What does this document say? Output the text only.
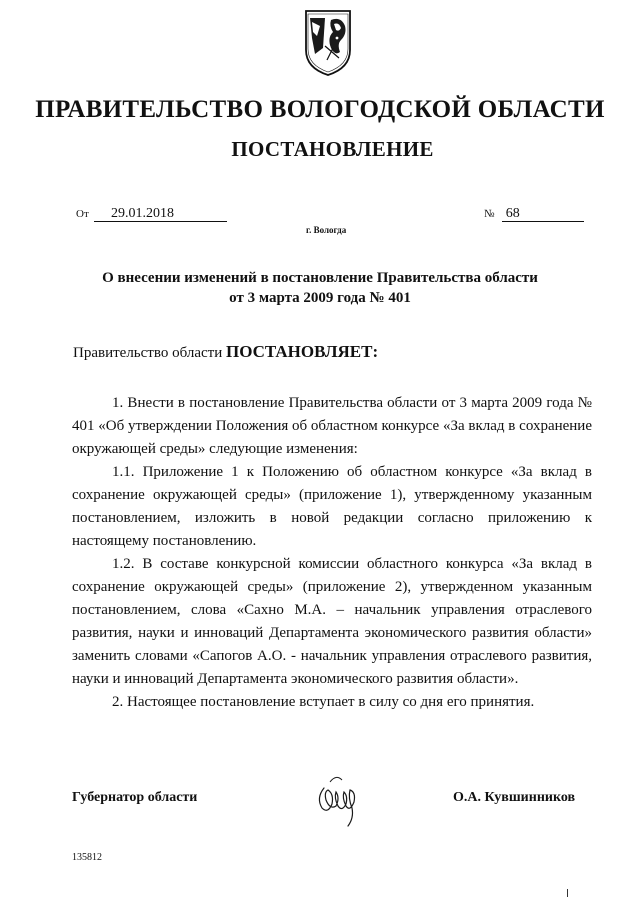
ПРАВИТЕЛЬСТВО ВОЛОГОДСКОЙ ОБЛАСТИ
ПОСТАНОВЛЕНИЕ
От 29.01.2018	№ 68
г. Вологда
О внесении изменений в постановление Правительства области
от 3 марта 2009 года № 401
Правительство области ПОСТАНОВЛЯЕТ:

1. Внести в постановление Правительства области от 3 марта 2009 года № 401 «Об утверждении Положения об областном конкурсе «За вклад в сохранение окружающей среды» следующие изменения:

1.1. Приложение 1 к Положению об областном конкурсе «За вклад в сохранение окружающей среды» (приложение 1), утвержденному указанным постановлением, изложить в новой редакции согласно приложению к настоящему постановлению.

1.2. В составе конкурсной комиссии областного конкурса «За вклад в сохранение окружающей среды» (приложение 2), утвержденном указанным постановлением, слова «Сахно М.А. – начальник управления отраслевого развития, науки и инноваций Департамента экономического развития области» заменить словами «Сапогов А.О. - начальник управления отраслевого развития, науки и инноваций Департамента экономического развития области».

2. Настоящее постановление вступает в силу со дня его принятия.

Губернатор области	О.А. Кувшинников
135812
